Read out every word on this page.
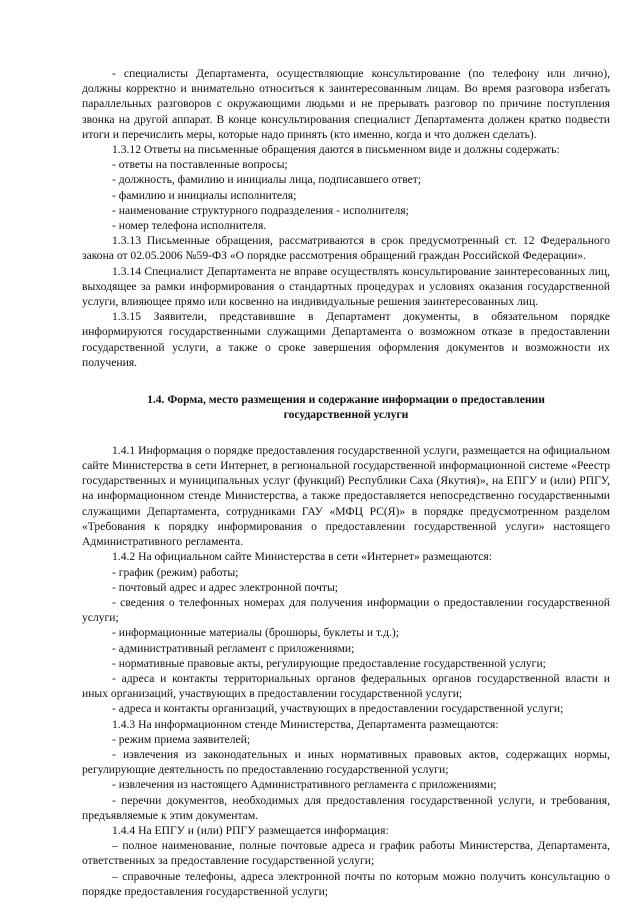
- специалисты Департамента, осуществляющие консультирование (по телефону или лично), должны корректно и внимательно относиться к заинтересованным лицам. Во время разговора избегать параллельных разговоров с окружающими людьми и не прерывать разговор по причине поступления звонка на другой аппарат. В конце консультирования специалист Департамента должен кратко подвести итоги и перечислить меры, которые надо принять (кто именно, когда и что должен сделать).

1.3.12 Ответы на письменные обращения даются в письменном виде и должны содержать:

- ответы на поставленные вопросы;

- должность, фамилию и инициалы лица, подписавшего ответ;

- фамилию и инициалы исполнителя;

- наименование структурного подразделения - исполнителя;

- номер телефона исполнителя.

1.3.13 Письменные обращения, рассматриваются в срок предусмотренный ст. 12 Федерального закона от 02.05.2006 №59-ФЗ «О порядке рассмотрения обращений граждан Российской Федерации».

1.3.14 Специалист Департамента не вправе осуществлять консультирование заинтересованных лиц, выходящее за рамки информирования о стандартных процедурах и условиях оказания государственной услуги, влияющее прямо или косвенно на индивидуальные решения заинтересованных лиц.

1.3.15 Заявители, представившие в Департамент документы, в обязательном порядке информируются государственными служащими Департамента о возможном отказе в предоставлении государственной услуги, а также о сроке завершения оформления документов и возможности их получения.

1.4. Форма, место размещения и содержание информации о предоставлении государственной услуги

1.4.1 Информация о порядке предоставления государственной услуги, размещается на официальном сайте Министерства в сети Интернет, в региональной государственной информационной системе «Реестр государственных и муниципальных услуг (функций) Республики Саха (Якутия)», на ЕПГУ и (или) РПГУ, на информационном стенде Министерства, а также предоставляется непосредственно государственными служащими Департамента, сотрудниками ГАУ «МФЦ РС(Я)» в порядке предусмотренном разделом «Требования к порядку информирования о предоставлении государственной услуги» настоящего Административного регламента.

1.4.2 На официальном сайте Министерства в сети «Интернет» размещаются:

- график (режим) работы;

- почтовый адрес и адрес электронной почты;

- сведения о телефонных номерах для получения информации о предоставлении государственной услуги;

- информационные материалы (брошюры, буклеты и т.д.);

- административный регламент с приложениями;

- нормативные правовые акты, регулирующие предоставление государственной услуги;

- адреса и контакты территориальных органов федеральных органов государственной власти и иных организаций, участвующих в предоставлении государственной услуги;

- адреса и контакты организаций, участвующих в предоставлении государственной услуги;

1.4.3 На информационном стенде Министерства, Департамента размещаются:

- режим приема заявителей;

- извлечения из законодательных и иных нормативных правовых актов, содержащих нормы, регулирующие деятельность по предоставлению государственной услуги;

- извлечения из настоящего Административного регламента с приложениями;

- перечни документов, необходимых для предоставления государственной услуги, и требования, предъявляемые к этим документам.

1.4.4 На ЕПГУ и (или) РПГУ размещается информация:

– полное наименование, полные почтовые адреса и график работы Министерства, Департамента, ответственных за предоставление государственной услуги;

– справочные телефоны, адреса электронной почты по которым можно получить консультацию о порядке предоставления государственной услуги;
